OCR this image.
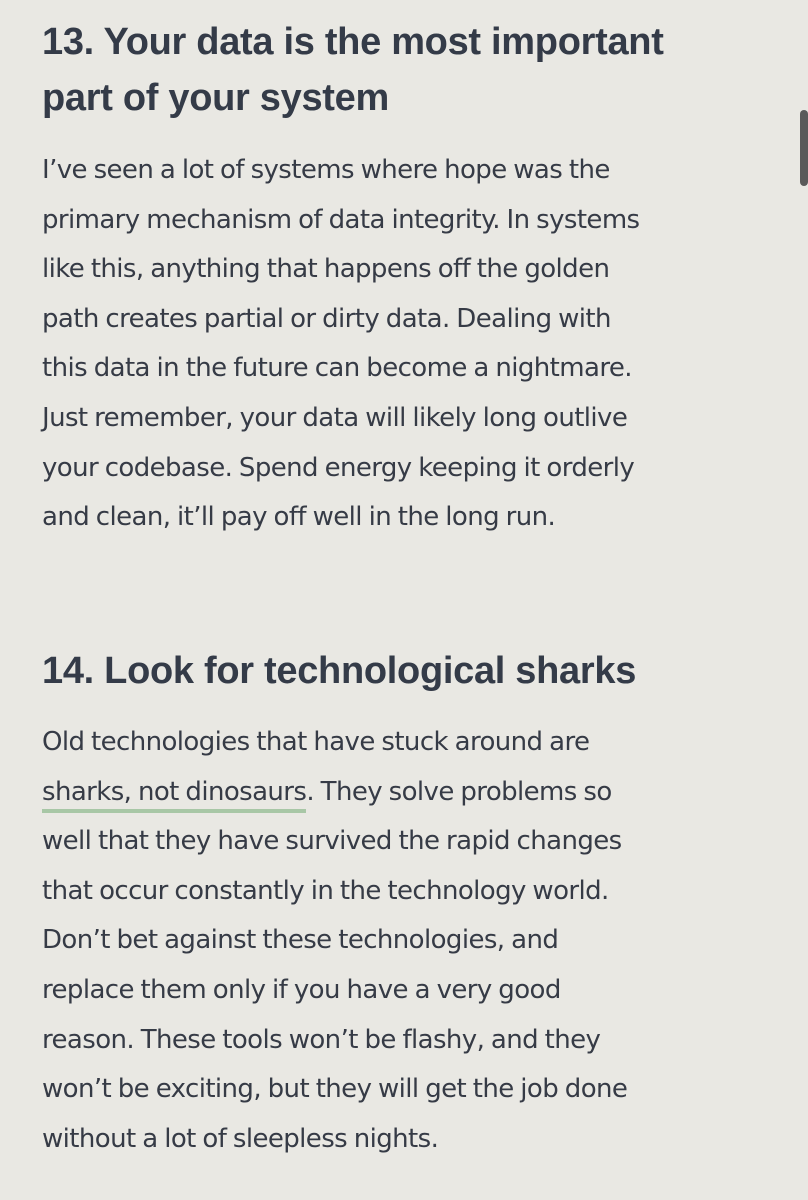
13. Your data is the most important
part of your system

I’ve seen a lot of systems where hope was the
primary mechanism of data integrity. In systems
like this, anything that happens off the golden
path creates partial or dirty data. Dealing with
this data in the future can become a nightmare.
Just remember, your data will likely long outlive
your codebase. Spend energy keeping it orderly
and clean, it’ll pay off well in the long run.

14. Look for technological sharks

Old technologies that have stuck around are
sharks, not dinosaurs. They solve problems so
well that they have survived the rapid changes
that occur constantly in the technology world.
Don’t bet against these technologies, and
replace them only if you have a very good
reason. These tools won’t be flashy, and they
won’t be exciting, but they will get the job done
without a lot of sleepless nights.
